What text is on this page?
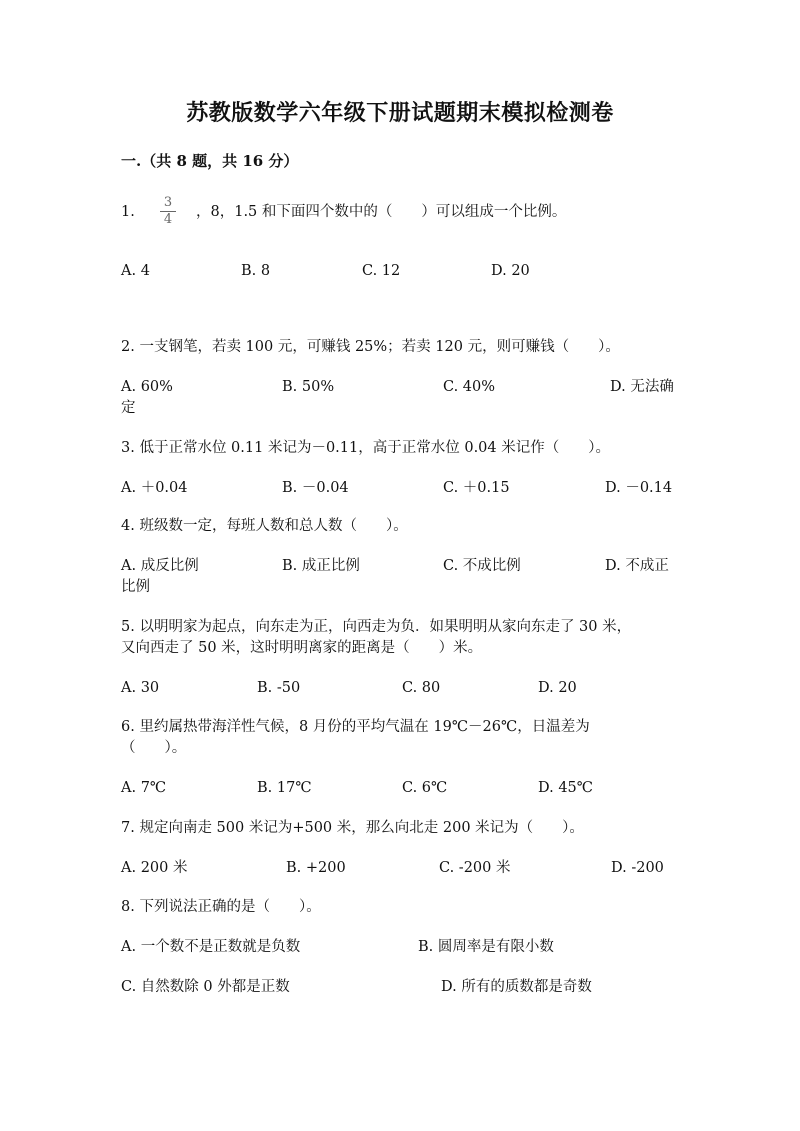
苏教版数学六年级下册试题期末模拟检测卷
一.（共 8 题，共 16 分）
1.
3
4 ，8，1.5 和下面四个数中的（　　）可以组成一个比例。
A. 4	B. 8	C. 12	D. 20
2. 一支钢笔，若卖 100 元，可赚钱 25%；若卖 120 元，则可赚钱（　　）。
A. 60%	B. 50%	C. 40%	D. 无法确
定
3. 低于正常水位 0.11 米记为－0.11，高于正常水位 0.04 米记作（　　）。
A. ＋0.04	B. －0.04	C. ＋0.15	D. －0.14
4. 班级数一定，每班人数和总人数（　　）。
A. 成反比例	B. 成正比例	C. 不成比例	D. 不成正
比例
5. 以明明家为起点，向东走为正，向西走为负．如果明明从家向东走了 30 米，
又向西走了 50 米，这时明明离家的距离是（　　）米。
A. 30	B. -50	C. 80	D. 20
6. 里约属热带海洋性气候，8 月份的平均气温在 19℃－26℃，日温差为
（　　）。
A. 7℃	B. 17℃	C. 6℃	D. 45℃
7. 规定向南走 500 米记为+500 米，那么向北走 200 米记为（　　）。
A. 200 米	B. +200	C. -200 米	D. -200
8. 下列说法正确的是（　　）。
A. 一个数不是正数就是负数	B. 圆周率是有限小数
C. 自然数除 0 外都是正数	D. 所有的质数都是奇数
